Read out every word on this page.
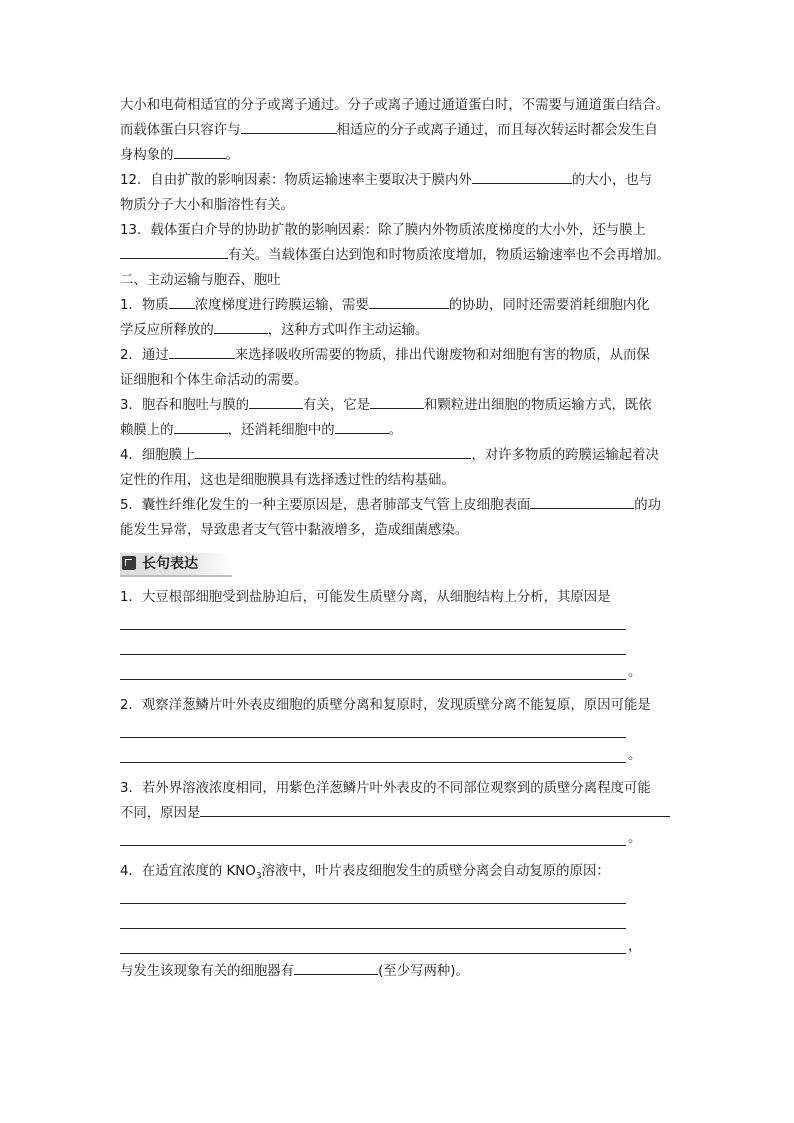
大小和电荷相适宜的分子或离子通过。分子或离子通过通道蛋白时，不需要与通道蛋白结合。
而载体蛋白只容许与	相适应的分子或离子通过，而且每次转运时都会发生自
身构象的	。
12．自由扩散的影响因素：物质运输速率主要取决于膜内外	的大小，也与
物质分子大小和脂溶性有关。
13．载体蛋白介导的协助扩散的影响因素：除了膜内外物质浓度梯度的大小外，还与膜上
有关。当载体蛋白达到饱和时物质浓度增加，物质运输速率也不会再增加。
二、主动运输与胞吞、胞吐
1．物质 浓度梯度进行跨膜运输，需要	的协助，同时还需要消耗细胞内化
学反应所释放的	，这种方式叫作主动运输。
2．通过	来选择吸收所需要的物质，排出代谢废物和对细胞有害的物质，从而保
证细胞和个体生命活动的需要。
3．胞吞和胞吐与膜的	有关，它是	和颗粒进出细胞的物质运输方式，既依
赖膜上的	，还消耗细胞中的	。
4．细胞膜上	，对许多物质的跨膜运输起着决
定性的作用，这也是细胞膜具有选择透过性的结构基础。
5．囊性纤维化发生的一种主要原因是，患者肺部支气管上皮细胞表面	的功
能发生异常，导致患者支气管中黏液增多，造成细菌感染。
长句表达
1．大豆根部细胞受到盐胁迫后，可能发生质壁分离，从细胞结构上分析，其原因是
。
2．观察洋葱鳞片叶外表皮细胞的质壁分离和复原时，发现质壁分离不能复原，原因可能是
。
3．若外界溶液浓度相同，用紫色洋葱鳞片叶外表皮的不同部位观察到的质壁分离程度可能
不同，原因是
。
4．在适宜浓度的 $KNO_3$溶液中，叶片表皮细胞发生的质壁分离会自动复原的原因：
，
与发生该现象有关的细胞器有	(至少写两种)。
